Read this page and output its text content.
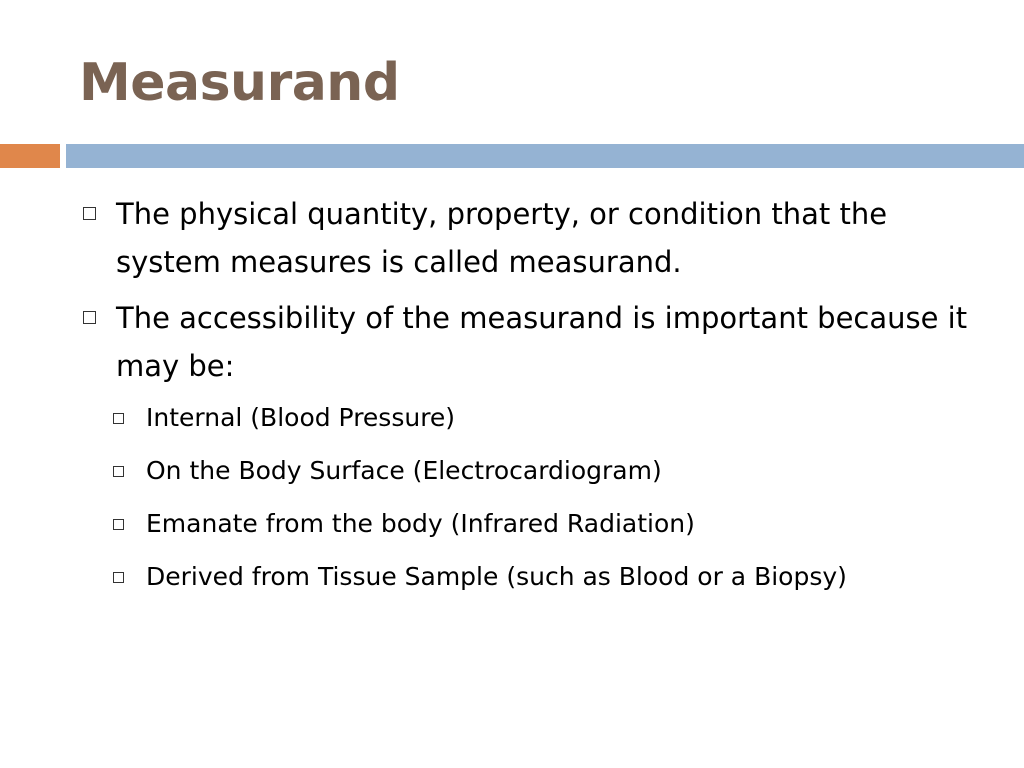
Measurand
The physical quantity, property, or condition that the system measures is called measurand.
The accessibility of the measurand is important because it may be:
Internal (Blood Pressure)
On the Body Surface (Electrocardiogram)
Emanate from the body (Infrared Radiation)
Derived from Tissue Sample (such as Blood or a Biopsy)
